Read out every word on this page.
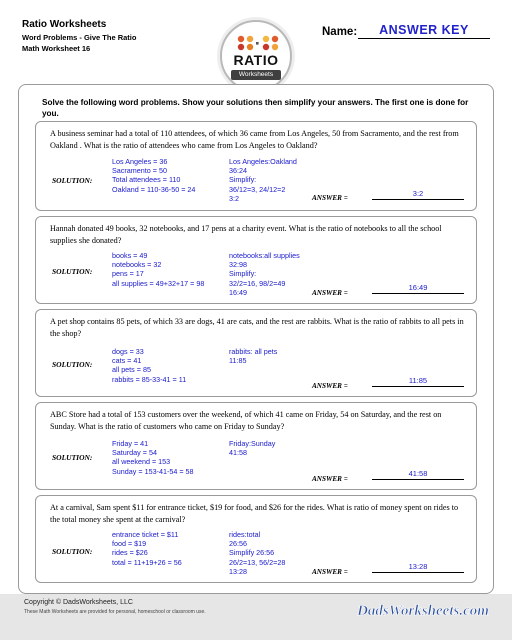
Ratio Worksheets
Word Problems - Give The Ratio
Math Worksheet 16
RATIO
Worksheets
Name:	ANSWER KEY
Solve the following word problems. Show your solutions then simplify your answers. The first one is done for you.
A business seminar had a total of 110 attendees, of which 36 came from Los Angeles, 50 from Sacramento, and the rest from Oakland . What is the ratio of attendees who came from Los Angeles to Oakland?
SOLUTION:
Los Angeles = 36
Sacramento = 50
Total attendees = 110
Oakland = 110-36-50 = 24
Los Angeles:Oakland
36:24
Simplify:
36/12=3, 24/12=2
3:2	ANSWER =	3:2
Hannah donated 49 books, 32 notebooks, and 17 pens at a charity event. What is the ratio of notebooks to all the school supplies she donated?
SOLUTION:
books = 49
notebooks = 32
pens = 17
all supplies = 49+32+17 = 98
notebooks:all supplies
32:98
Simplify:
32/2=16, 98/2=49
16:49	ANSWER =
16:49
A pet shop contains 85 pets, of which 33 are dogs, 41 are cats, and the rest are rabbits. What is the ratio of rabbits to all pets in the shop?
SOLUTION:
dogs = 33
cats = 41
all pets = 85
rabbits = 85-33-41 = 11
rabbits: all pets
11:85
ANSWER =
11:85
ABC Store had a total of 153 customers over the weekend, of which 41 came on Friday, 54 on Saturday, and the rest on Sunday. What is the ratio of customers who came on Friday to Sunday?
SOLUTION:
Friday = 41
Saturday = 54
all weekend = 153
Sunday = 153-41-54 = 58
Friday:Sunday
41:58
ANSWER =
41:58
At a carnival, Sam spent $11 for entrance ticket, $19 for food, and $26 for the rides. What is ratio of money spent on rides to the total money she spent at the carnival?
SOLUTION:
entrance ticket = $11
food = $19
rides = $26
total = 11+19+26 = 56
rides:total
26:56
Simplify 26:56
26/2=13, 56/2=28
13:28	ANSWER =
13:28
Copyright © DadsWorksheets, LLC
These Math Worksheets are provided for personal, homeschool or classroom use.	DadsWorksheets.com
